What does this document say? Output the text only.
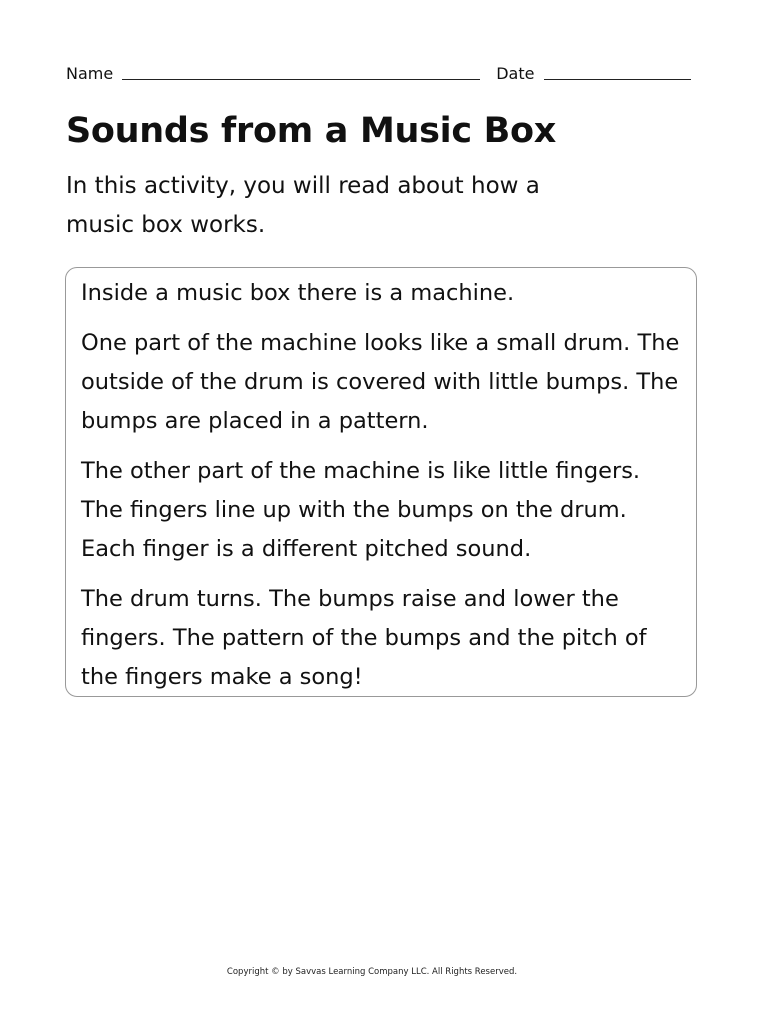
Name	Date
Sounds from a Music Box

In this activity, you will read about how a music box works.

Inside a music box there is a machine.

One part of the machine looks like a small drum. The outside of the drum is covered with little bumps. The bumps are placed in a pattern.

The other part of the machine is like little fingers. The fingers line up with the bumps on the drum. Each finger is a different pitched sound.

The drum turns. The bumps raise and lower the fingers. The pattern of the bumps and the pitch of the fingers make a song!

Copyright © by Savvas Learning Company LLC. All Rights Reserved.
